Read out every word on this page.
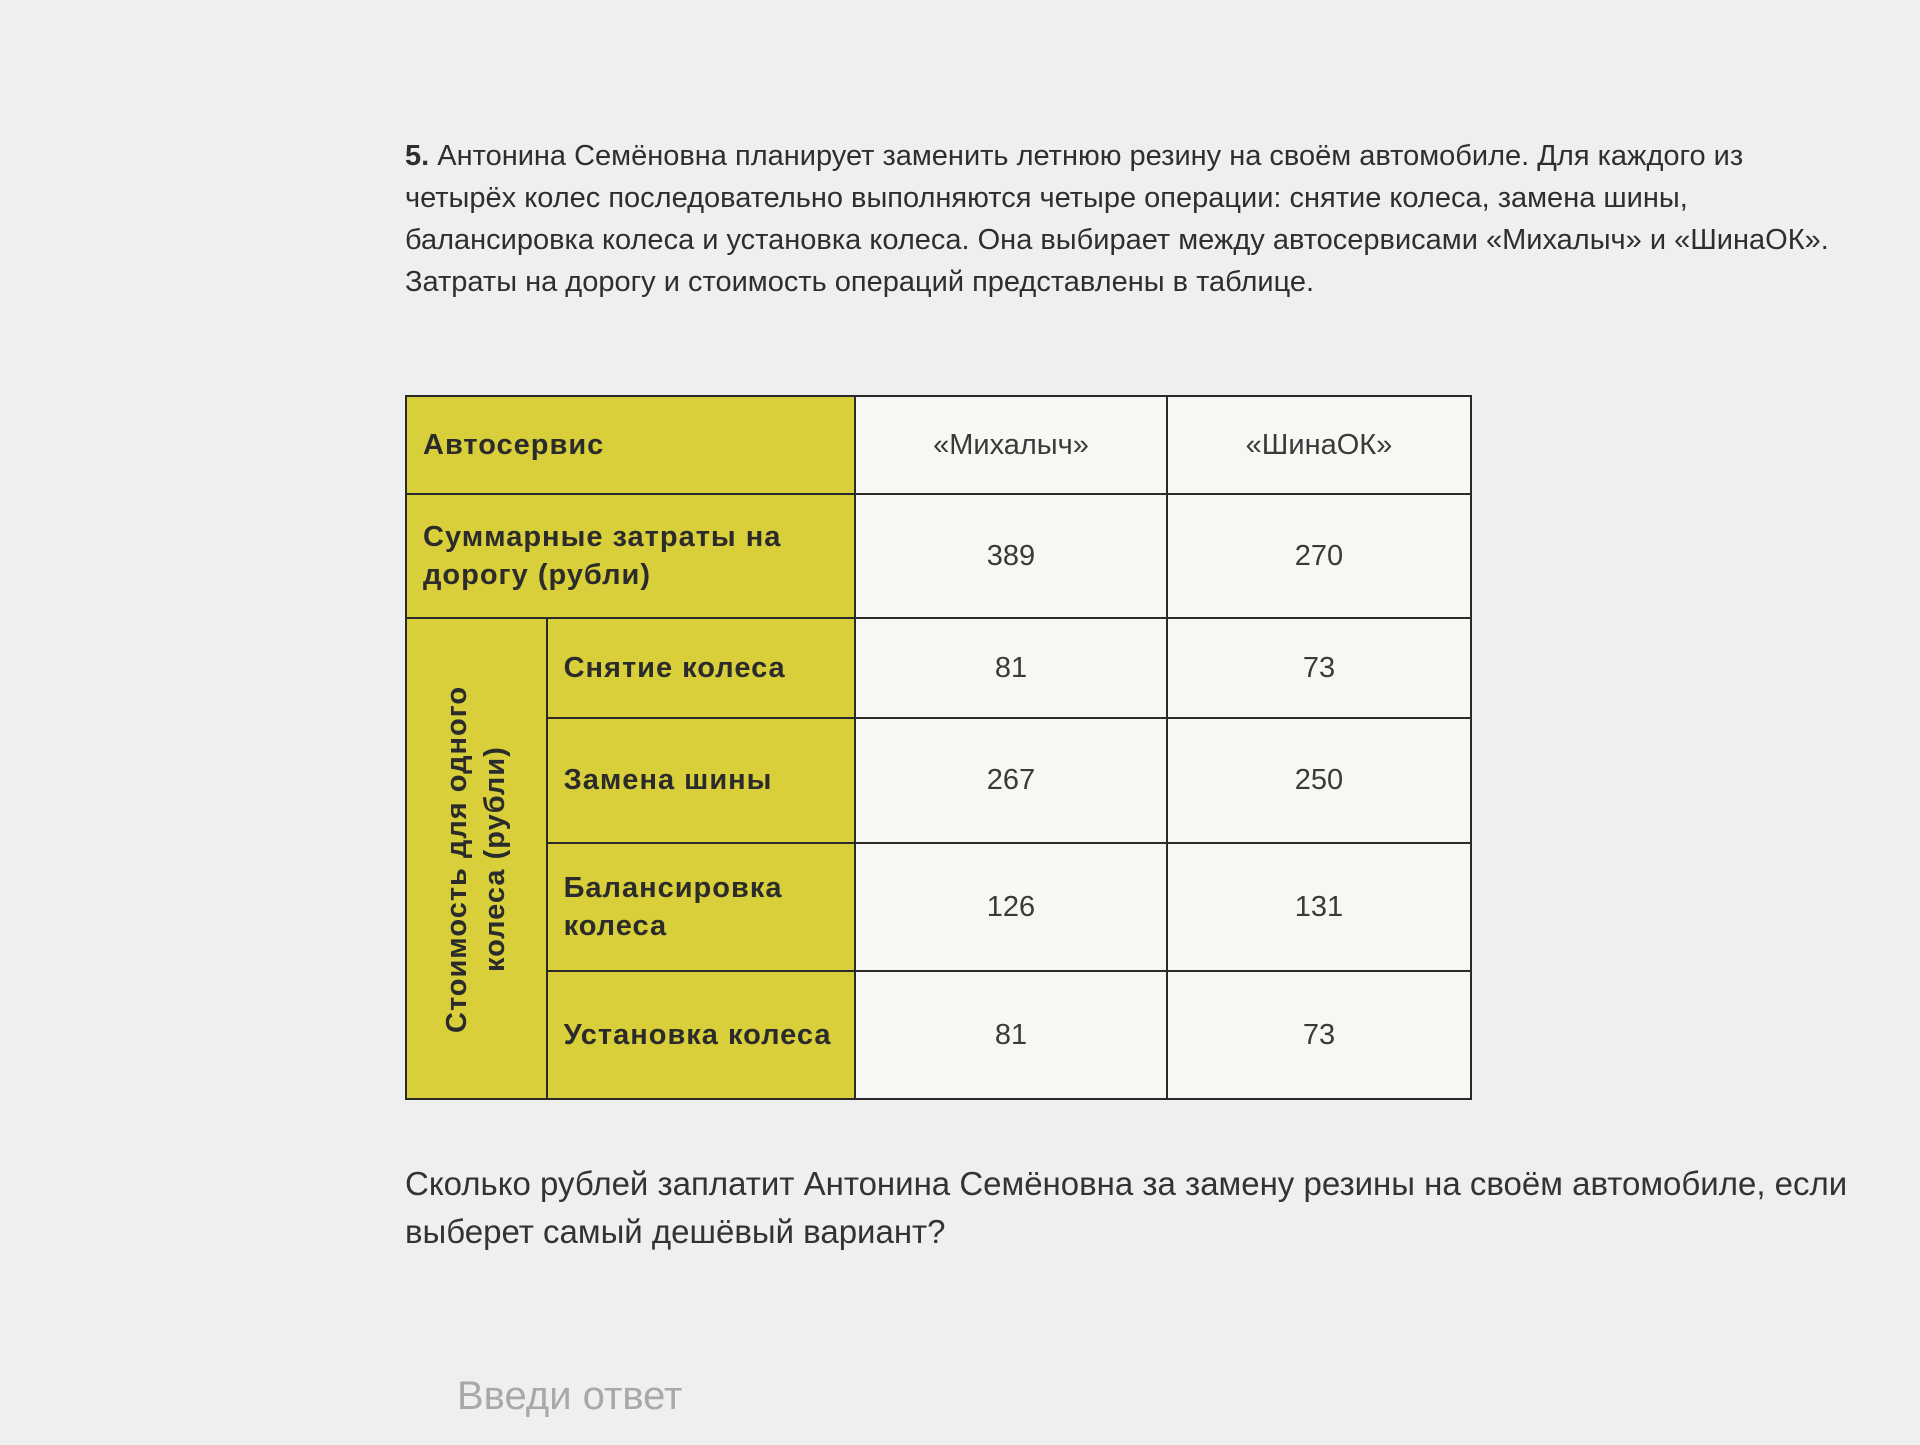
5. Антонина Семёновна планирует заменить летнюю резину на своём автомобиле. Для каждого из четырёх колес последовательно выполняются четыре операции: снятие колеса, замена шины, балансировка колеса и установка колеса. Она выбирает между автосервисами «Михалыч» и «ШинаОК». Затраты на дорогу и стоимость операций представлены в таблице.
Автосервис		«Михалыч»	«ШинаОК»
Суммарные затраты на дорогу (рубли)		389	270

Стоимость для одного колеса (рубли)	Снятие колеса	81	73
	Замена шины	267	250
	Балансировка колеса	126	131
	Установка колеса	81	73
Сколько рублей заплатит Антонина Семёновна за замену резины на своём автомобиле, если выберет самый дешёвый вариант?
Введи ответ
